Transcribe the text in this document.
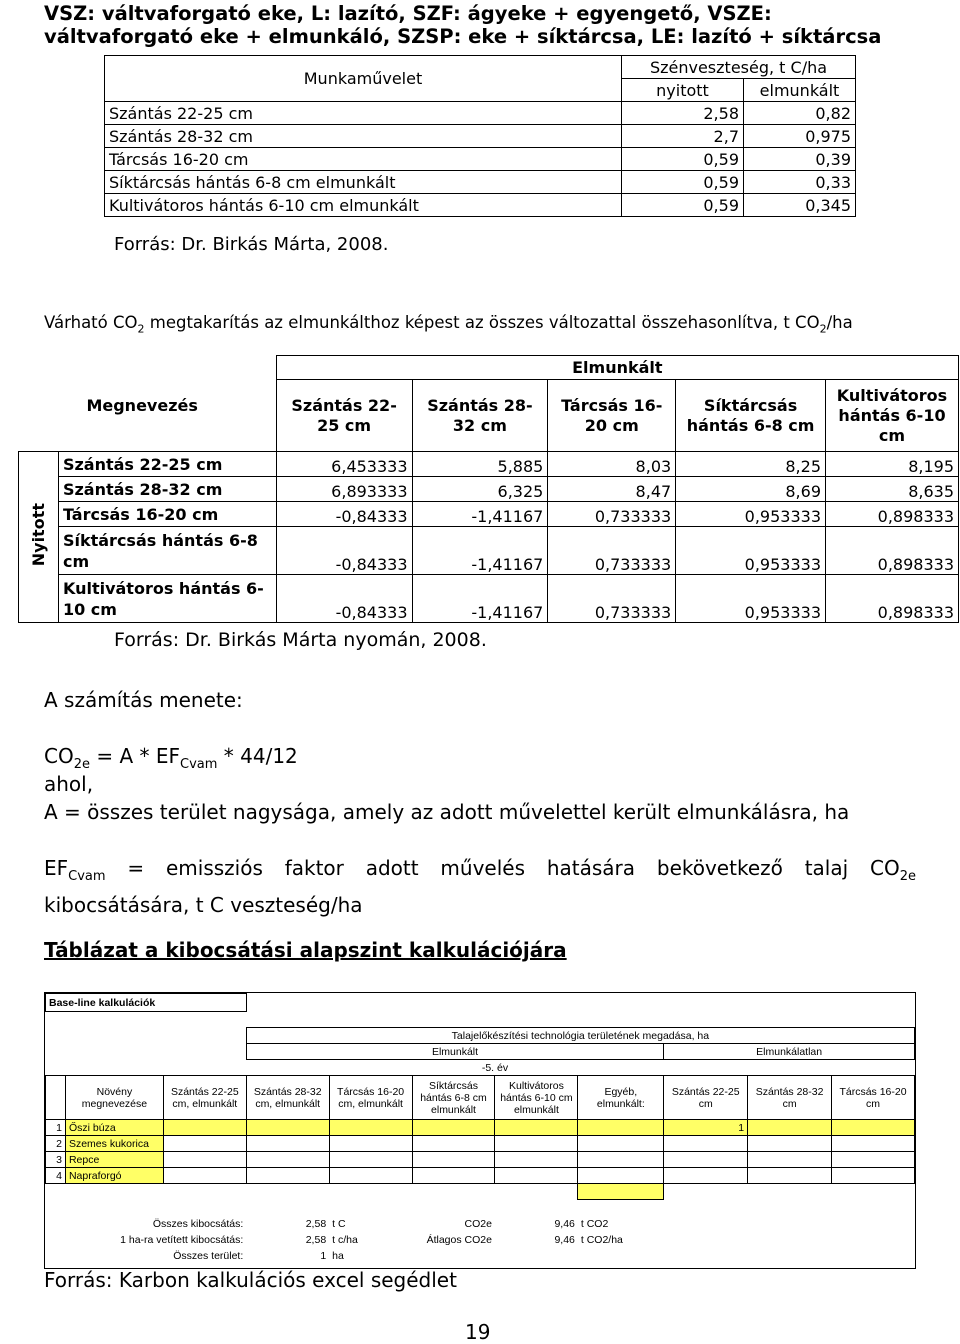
VSZ: váltvaforgató eke, L: lazító, SZF: ágyeke + egyengető, VSZE: váltvaforgató eke + elmunkáló, SZSP: eke + síktárcsa, LE: lazító + síktárcsa
Munkaművelet	Szénveszteség, t C/ha	
	nyitott	elmunkált
Szántás 22-25 cm	2,58	0,82
Szántás 28-32 cm	2,7	0,975
Tárcsás 16-20 cm	0,59	0,39
Síktárcsás hántás 6-8 cm elmunkált	0,59	0,33
Kultivátoros hántás 6-10 cm elmunkált	0,59	0,345
Forrás: Dr. Birkás Márta, 2008.
Várható $CO_2$ megtakarítás az elmunkálthoz képest az összes változattal összehasonlítva, t $CO_2/ha$
		Elmunkált				
	Megnevezés	Szántás 22-25 cm	Szántás 28-32 cm	Tárcsás 16-20 cm	Síktárcsás hántás 6-8 cm	Kultivátoros hántás 6-10 cm
Nyitott	Szántás 22-25 cm	6,453333	5,885	8,03	8,25	8,195
	Szántás 28-32 cm	6,893333	6,325	8,47	8,69	8,635
	Tárcsás 16-20 cm	-0,84333	-1,41167	0,733333	0,953333	0,898333
	Síktárcsás hántás 6-8 cm	-0,84333	-1,41167	0,733333	0,953333	0,898333
	Kultivátoros hántás 6-10 cm	-0,84333	-1,41167	0,733333	0,953333	0,898333
Forrás: Dr. Birkás Márta nyomán, 2008.
A számítás menete:
$CO_{2e} = A * EF_{Cvam} * 44/12$
ahol,
A = összes terület nagysága, amely az adott művelettel került elmunkálásra, ha
$EF_{Cvam}$ = emissziós faktor adott művelés hatására bekövetkező talaj $CO_{2e}$ kibocsátására, t C veszteség/ha
Táblázat a kibocsátási alapszint kalkulációjára
Base-line kalkulációk										

			Talajelőkészítési technológia területének megadása, ha							
			Elmunkált					Elmunkálatlan		
					-5. év					
	Növény megnevezése	Szántás 22-25 cm, elmunkált	Szántás 28-32 cm, elmunkált	Tárcsás 16-20 cm, elmunkált	Síktárcsás hántás 6-8 cm elmunkált	Kultivátoros hántás 6-10 cm elmunkált	Egyéb, elmunkált:	Szántás 22-25 cm	Szántás 28-32 cm	Tárcsás 16-20 cm
1	Őszi búza							1		
2	Szemes kukorica									
3	Repce									
4	Napraforgó									

Összes kibocsátás:			2,58	t C	CO2e	9,46	t CO2			
1 ha-ra vetített kibocsátás:			2,58	t c/ha	Átlagos CO2e	9,46	t CO2/ha			
Összes terület:			1	ha						
Forrás: Karbon kalkulációs excel segédlet
19
